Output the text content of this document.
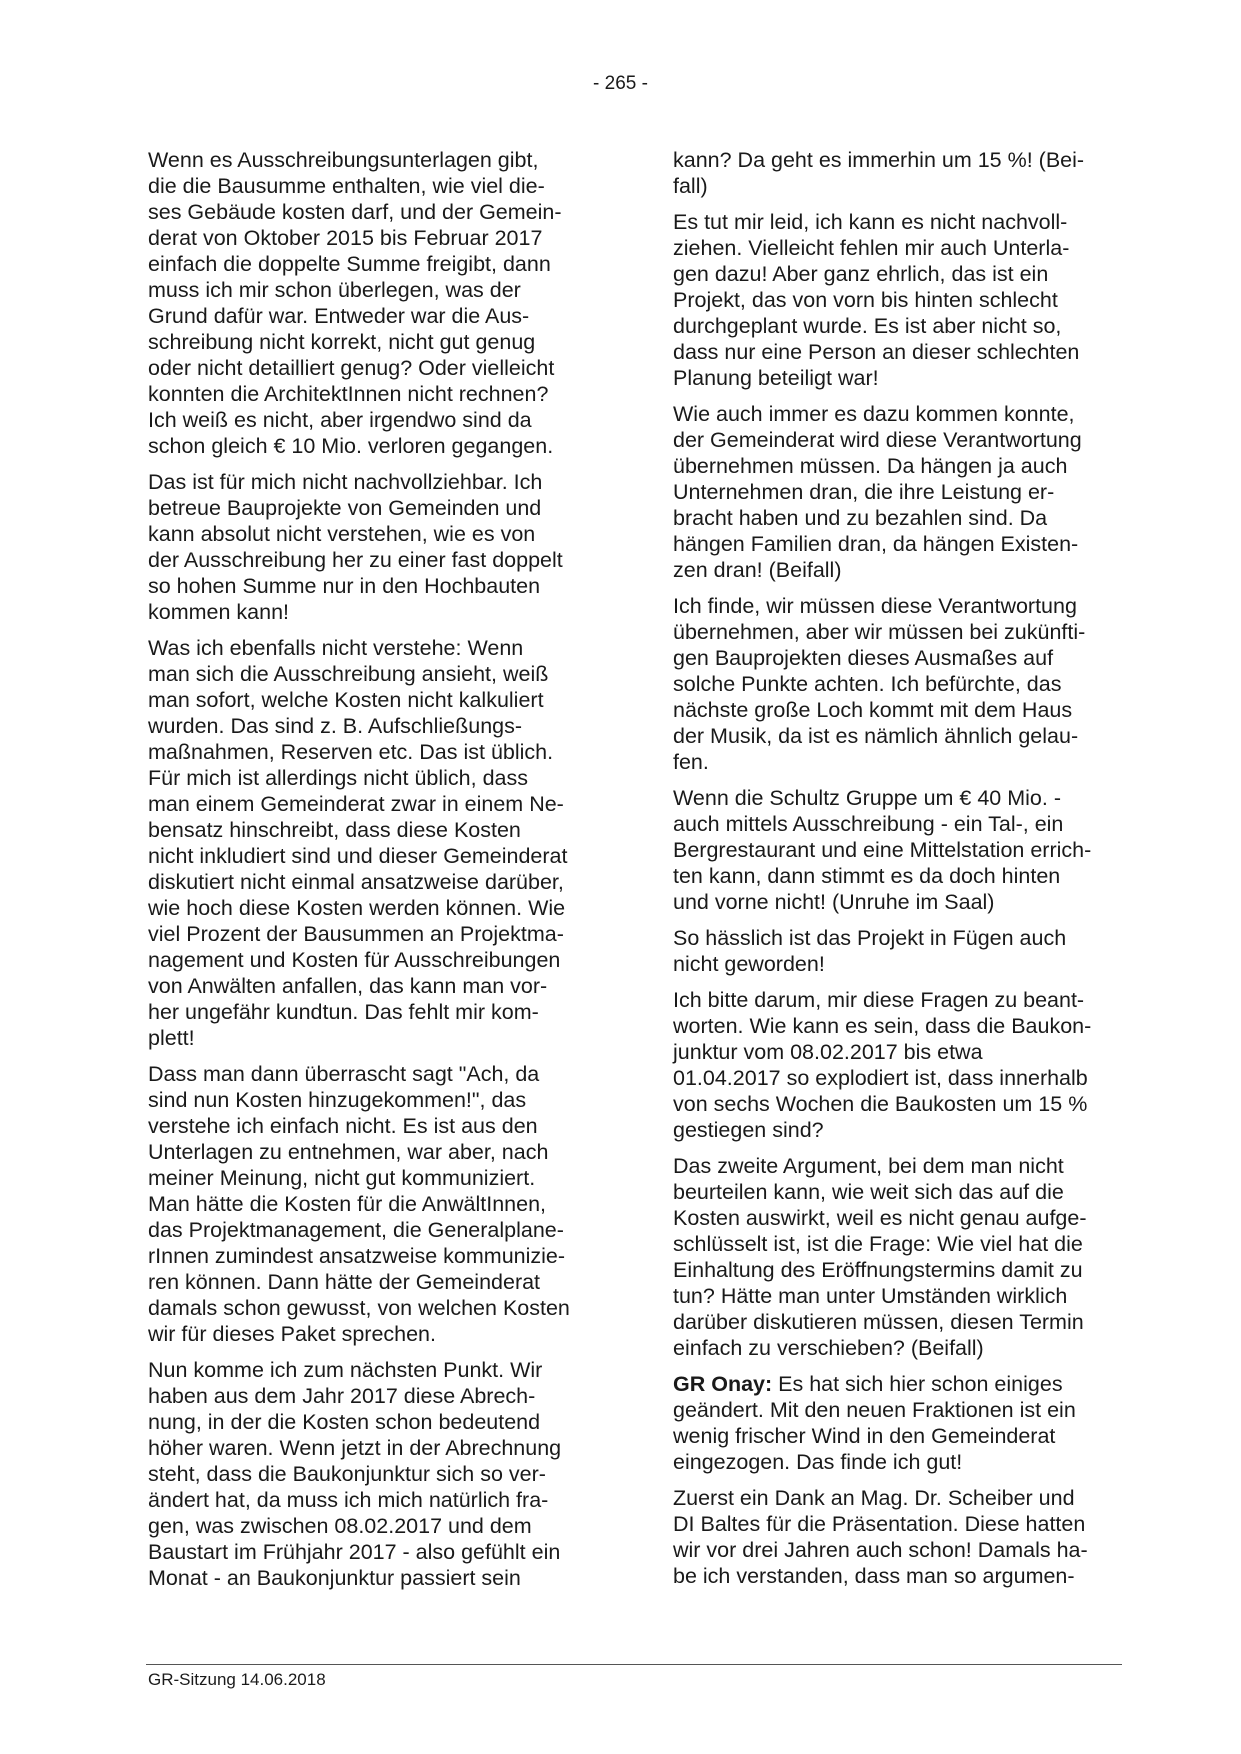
- 265 -

Wenn es Ausschreibungsunterlagen gibt,
die die Bausumme enthalten, wie viel die-
ses Gebäude kosten darf, und der Gemein-
derat von Oktober 2015 bis Februar 2017
einfach die doppelte Summe freigibt, dann
muss ich mir schon überlegen, was der
Grund dafür war. Entweder war die Aus-
schreibung nicht korrekt, nicht gut genug
oder nicht detailliert genug? Oder vielleicht
konnten die ArchitektInnen nicht rechnen?
Ich weiß es nicht, aber irgendwo sind da
schon gleich € 10 Mio. verloren gegangen.

Das ist für mich nicht nachvollziehbar. Ich
betreue Bauprojekte von Gemeinden und
kann absolut nicht verstehen, wie es von
der Ausschreibung her zu einer fast doppelt
so hohen Summe nur in den Hochbauten
kommen kann!

Was ich ebenfalls nicht verstehe: Wenn
man sich die Ausschreibung ansieht, weiß
man sofort, welche Kosten nicht kalkuliert
wurden. Das sind z. B. Aufschließungs-
maßnahmen, Reserven etc. Das ist üblich.
Für mich ist allerdings nicht üblich, dass
man einem Gemeinderat zwar in einem Ne-
bensatz hinschreibt, dass diese Kosten
nicht inkludiert sind und dieser Gemeinderat
diskutiert nicht einmal ansatzweise darüber,
wie hoch diese Kosten werden können. Wie
viel Prozent der Bausummen an Projektma-
nagement und Kosten für Ausschreibungen
von Anwälten anfallen, das kann man vor-
her ungefähr kundtun. Das fehlt mir kom-
plett!

Dass man dann überrascht sagt "Ach, da
sind nun Kosten hinzugekommen!", das
verstehe ich einfach nicht. Es ist aus den
Unterlagen zu entnehmen, war aber, nach
meiner Meinung, nicht gut kommuniziert.
Man hätte die Kosten für die AnwältInnen,
das Projektmanagement, die Generalplane-
rInnen zumindest ansatzweise kommunizie-
ren können. Dann hätte der Gemeinderat
damals schon gewusst, von welchen Kosten
wir für dieses Paket sprechen.

Nun komme ich zum nächsten Punkt. Wir
haben aus dem Jahr 2017 diese Abrech-
nung, in der die Kosten schon bedeutend
höher waren. Wenn jetzt in der Abrechnung
steht, dass die Baukonjunktur sich so ver-
ändert hat, da muss ich mich natürlich fra-
gen, was zwischen 08.02.2017 und dem
Baustart im Frühjahr 2017 - also gefühlt ein
Monat - an Baukonjunktur passiert sein

kann? Da geht es immerhin um 15 %! (Bei-
fall)

Es tut mir leid, ich kann es nicht nachvoll-
ziehen. Vielleicht fehlen mir auch Unterla-
gen dazu! Aber ganz ehrlich, das ist ein
Projekt, das von vorn bis hinten schlecht
durchgeplant wurde. Es ist aber nicht so,
dass nur eine Person an dieser schlechten
Planung beteiligt war!

Wie auch immer es dazu kommen konnte,
der Gemeinderat wird diese Verantwortung
übernehmen müssen. Da hängen ja auch
Unternehmen dran, die ihre Leistung er-
bracht haben und zu bezahlen sind. Da
hängen Familien dran, da hängen Existen-
zen dran! (Beifall)

Ich finde, wir müssen diese Verantwortung
übernehmen, aber wir müssen bei zukünfti-
gen Bauprojekten dieses Ausmaßes auf
solche Punkte achten. Ich befürchte, das
nächste große Loch kommt mit dem Haus
der Musik, da ist es nämlich ähnlich gelau-
fen.

Wenn die Schultz Gruppe um € 40 Mio. -
auch mittels Ausschreibung - ein Tal-, ein
Bergrestaurant und eine Mittelstation errich-
ten kann, dann stimmt es da doch hinten
und vorne nicht! (Unruhe im Saal)

So hässlich ist das Projekt in Fügen auch
nicht geworden!

Ich bitte darum, mir diese Fragen zu beant-
worten. Wie kann es sein, dass die Baukon-
junktur vom 08.02.2017 bis etwa
01.04.2017 so explodiert ist, dass innerhalb
von sechs Wochen die Baukosten um 15 %
gestiegen sind?

Das zweite Argument, bei dem man nicht
beurteilen kann, wie weit sich das auf die
Kosten auswirkt, weil es nicht genau aufge-
schlüsselt ist, ist die Frage: Wie viel hat die
Einhaltung des Eröffnungstermins damit zu
tun? Hätte man unter Umständen wirklich
darüber diskutieren müssen, diesen Termin
einfach zu verschieben? (Beifall)

GR Onay: Es hat sich hier schon einiges
geändert. Mit den neuen Fraktionen ist ein
wenig frischer Wind in den Gemeinderat
eingezogen. Das finde ich gut!

Zuerst ein Dank an Mag. Dr. Scheiber und
DI Baltes für die Präsentation. Diese hatten
wir vor drei Jahren auch schon! Damals ha-
be ich verstanden, dass man so argumen-

GR-Sitzung 14.06.2018
